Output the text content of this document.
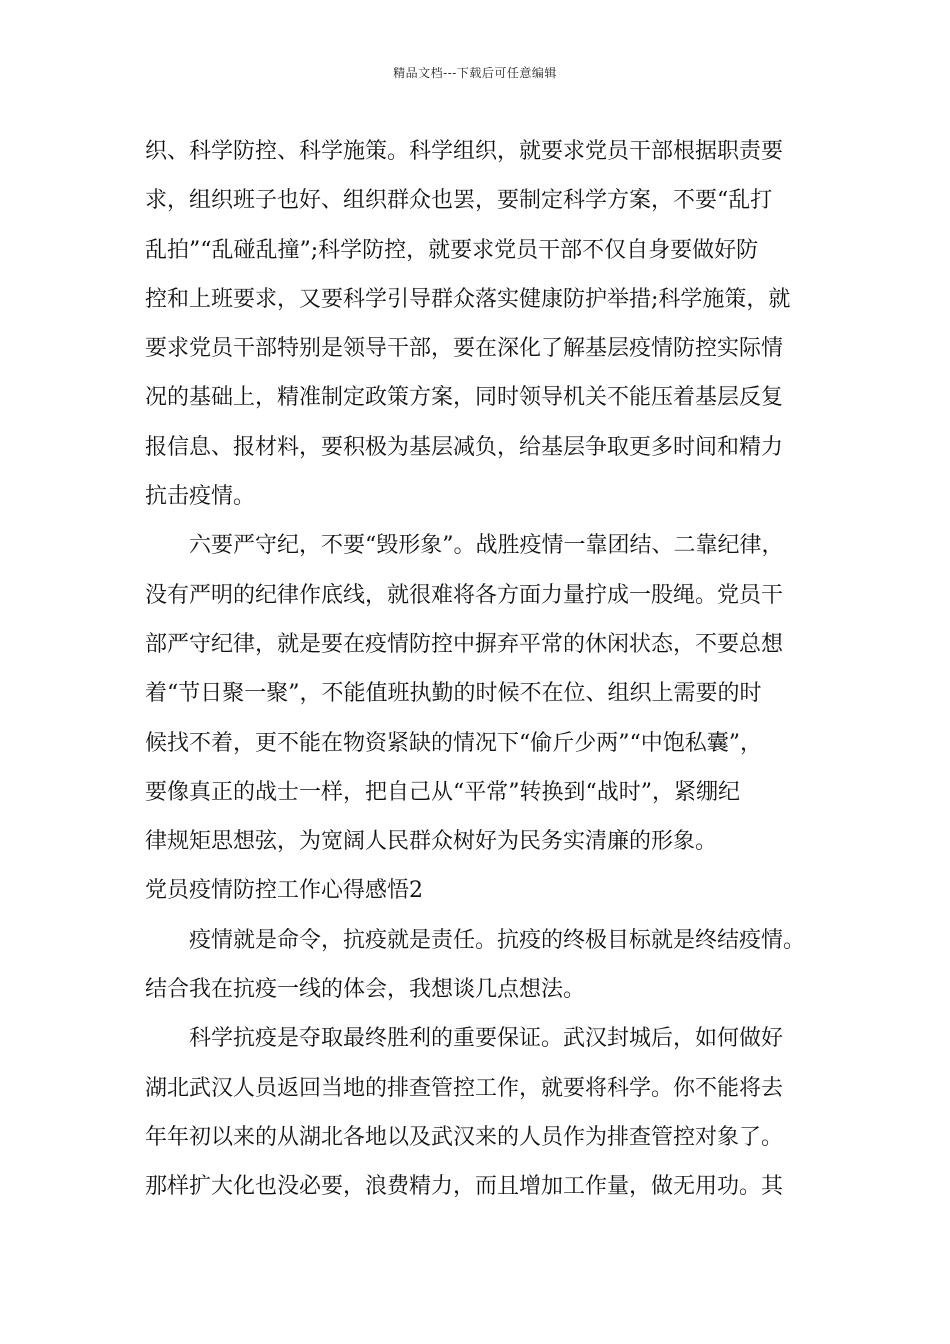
精品文档---下载后可任意编辑
织、科学防控、科学施策。科学组织，就要求党员干部根据职责要
求，组织班子也好、组织群众也罢，要制定科学方案，不要“乱打
乱拍”“乱碰乱撞”;科学防控，就要求党员干部不仅自身要做好防
控和上班要求，又要科学引导群众落实健康防护举措;科学施策，就
要求党员干部特别是领导干部，要在深化了解基层疫情防控实际情
况的基础上，精准制定政策方案，同时领导机关不能压着基层反复
报信息、报材料，要积极为基层减负，给基层争取更多时间和精力
抗击疫情。
　　六要严守纪，不要“毁形象”。战胜疫情一靠团结、二靠纪律，
没有严明的纪律作底线，就很难将各方面力量拧成一股绳。党员干
部严守纪律，就是要在疫情防控中摒弃平常的休闲状态，不要总想
着“节日聚一聚”，不能值班执勤的时候不在位、组织上需要的时
候找不着，更不能在物资紧缺的情况下“偷斤少两”“中饱私囊”，
要像真正的战士一样，把自己从“平常”转换到“战时”，紧绷纪
律规矩思想弦，为宽阔人民群众树好为民务实清廉的形象。
党员疫情防控工作心得感悟2
　　疫情就是命令，抗疫就是责任。抗疫的终极目标就是终结疫情。
结合我在抗疫一线的体会，我想谈几点想法。
　　科学抗疫是夺取最终胜利的重要保证。武汉封城后，如何做好
湖北武汉人员返回当地的排查管控工作，就要将科学。你不能将去
年年初以来的从湖北各地以及武汉来的人员作为排查管控对象了。
那样扩大化也没必要，浪费精力，而且增加工作量，做无用功。其
